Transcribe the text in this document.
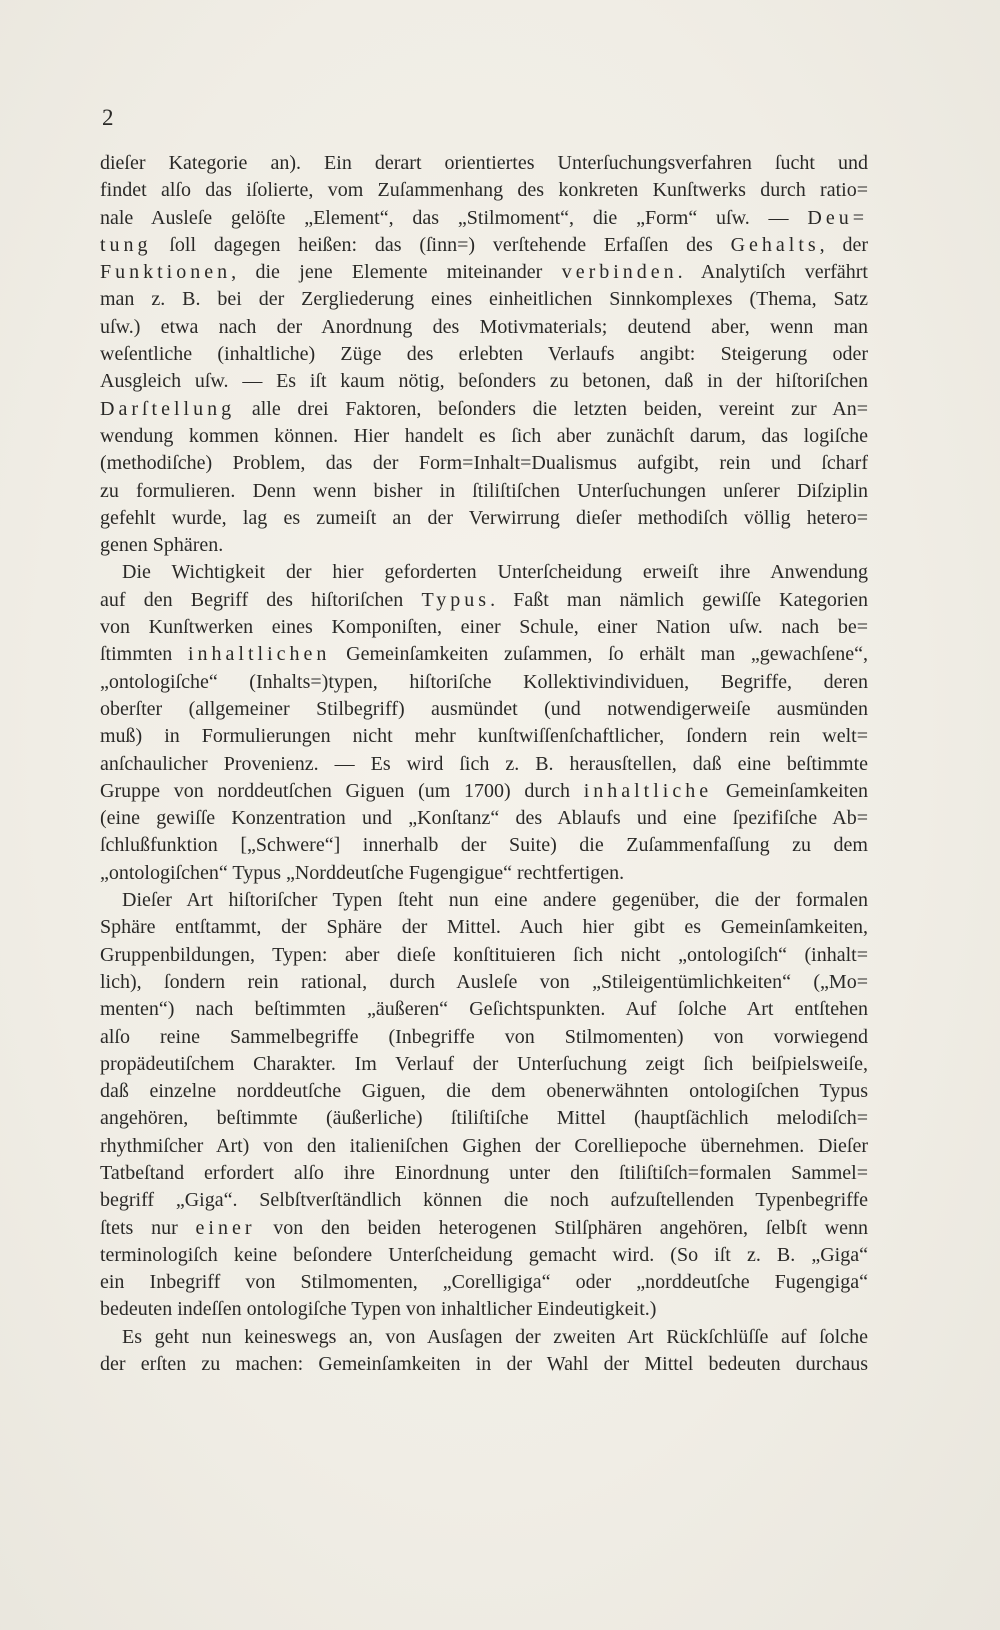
2
dieſer Kategorie an). Ein derart orientiertes Unterſuchungsverfahren ſucht und
findet alſo das iſolierte, vom Zuſammenhang des konkreten Kunſtwerks durch ratio=
nale Ausleſe gelöſte „Element“, das „Stilmoment“, die „Form“ uſw. — Deu=
tung ſoll dagegen heißen: das (ſinn=) verſtehende Erfaſſen des Gehalts, der
Funktionen, die jene Elemente miteinander verbinden. Analytiſch verfährt
man z. B. bei der Zergliederung eines einheitlichen Sinnkomplexes (Thema, Satz
uſw.) etwa nach der Anordnung des Motivmaterials; deutend aber, wenn man
weſentliche (inhaltliche) Züge des erlebten Verlaufs angibt: Steigerung oder
Ausgleich uſw. — Es iſt kaum nötig, beſonders zu betonen, daß in der hiſtoriſchen
Darſtellung alle drei Faktoren, beſonders die letzten beiden, vereint zur An=
wendung kommen können. Hier handelt es ſich aber zunächſt darum, das logiſche
(methodiſche) Problem, das der Form=Inhalt=Dualismus aufgibt, rein und ſcharf
zu formulieren. Denn wenn bisher in ſtiliſtiſchen Unterſuchungen unſerer Diſziplin
gefehlt wurde, lag es zumeiſt an der Verwirrung dieſer methodiſch völlig hetero=
genen Sphären.
Die Wichtigkeit der hier geforderten Unterſcheidung erweiſt ihre Anwendung
auf den Begriff des hiſtoriſchen Typus. Faßt man nämlich gewiſſe Kategorien
von Kunſtwerken eines Komponiſten, einer Schule, einer Nation uſw. nach be=
ſtimmten inhaltlichen Gemeinſamkeiten zuſammen, ſo erhält man „gewachſene“,
„ontologiſche“ (Inhalts=)typen, hiſtoriſche Kollektivindividuen, Begriffe, deren
oberſter (allgemeiner Stilbegriff) ausmündet (und notwendigerweiſe ausmünden
muß) in Formulierungen nicht mehr kunſtwiſſenſchaftlicher, ſondern rein welt=
anſchaulicher Provenienz. — Es wird ſich z. B. herausſtellen, daß eine beſtimmte
Gruppe von norddeutſchen Giguen (um 1700) durch inhaltliche Gemeinſamkeiten
(eine gewiſſe Konzentration und „Konſtanz“ des Ablaufs und eine ſpezifiſche Ab=
ſchlußfunktion [„Schwere“] innerhalb der Suite) die Zuſammenfaſſung zu dem
„ontologiſchen“ Typus „Norddeutſche Fugengigue“ rechtfertigen.
Dieſer Art hiſtoriſcher Typen ſteht nun eine andere gegenüber, die der formalen
Sphäre entſtammt, der Sphäre der Mittel. Auch hier gibt es Gemeinſamkeiten,
Gruppenbildungen, Typen: aber dieſe konſtituieren ſich nicht „ontologiſch“ (inhalt=
lich), ſondern rein rational, durch Ausleſe von „Stileigentümlichkeiten“ („Mo=
menten“) nach beſtimmten „äußeren“ Geſichtspunkten. Auf ſolche Art entſtehen
alſo reine Sammelbegriffe (Inbegriffe von Stilmomenten) von vorwiegend
propädeutiſchem Charakter. Im Verlauf der Unterſuchung zeigt ſich beiſpielsweiſe,
daß einzelne norddeutſche Giguen, die dem obenerwähnten ontologiſchen Typus
angehören, beſtimmte (äußerliche) ſtiliſtiſche Mittel (hauptſächlich melodiſch=
rhythmiſcher Art) von den italieniſchen Gighen der Corelliepoche übernehmen. Dieſer
Tatbeſtand erfordert alſo ihre Einordnung unter den ſtiliſtiſch=formalen Sammel=
begriff „Giga“. Selbſtverſtändlich können die noch aufzuſtellenden Typenbegriffe
ſtets nur einer von den beiden heterogenen Stilſphären angehören, ſelbſt wenn
terminologiſch keine beſondere Unterſcheidung gemacht wird. (So iſt z. B. „Giga“
ein Inbegriff von Stilmomenten, „Corelligiga“ oder „norddeutſche Fugengiga“
bedeuten indeſſen ontologiſche Typen von inhaltlicher Eindeutigkeit.)
Es geht nun keineswegs an, von Ausſagen der zweiten Art Rückſchlüſſe auf ſolche
der erſten zu machen: Gemeinſamkeiten in der Wahl der Mittel bedeuten durchaus
